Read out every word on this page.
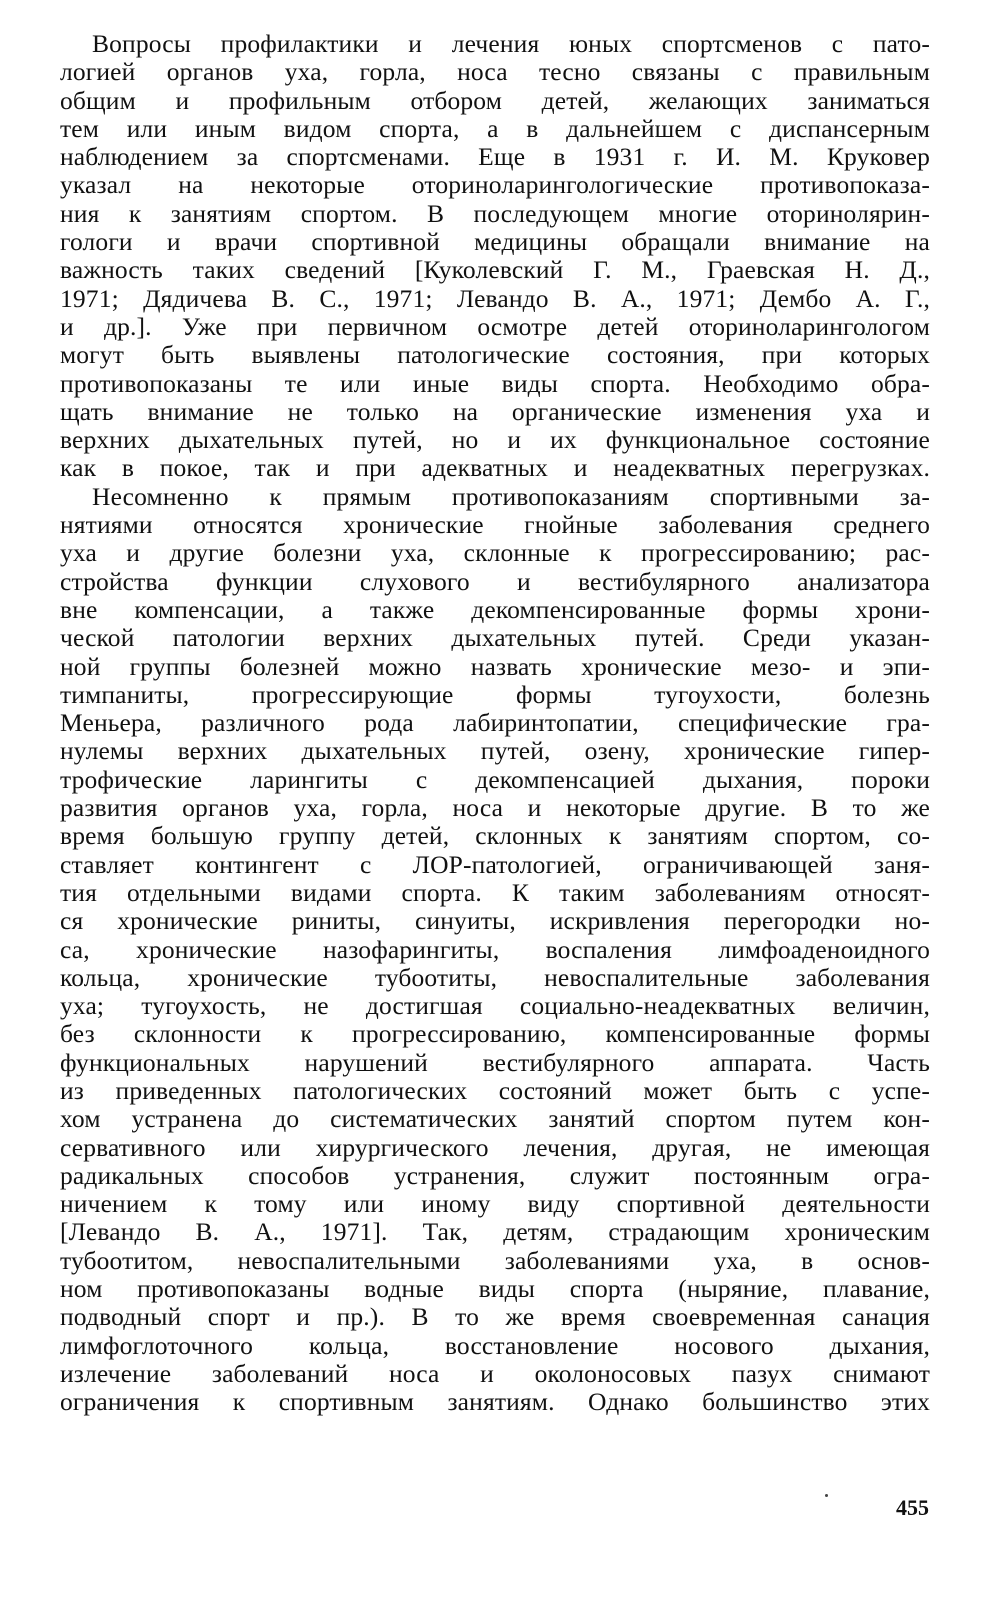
Вопросы профилактики и лечения юных спортсменов с пато-
логией органов уха, горла, носа тесно связаны с правильным
общим и профильным отбором детей, желающих заниматься
тем или иным видом спорта, а в дальнейшем с диспансерным
наблюдением за спортсменами. Еще в 1931 г. И. М. Круковер
указал на некоторые оториноларингологические противопоказа-
ния к занятиям спортом. В последующем многие оторинолярин-
гологи и врачи спортивной медицины обращали внимание на
важность таких сведений [Куколевский Г. М., Граевская Н. Д.,
1971; Дядичева В. С., 1971; Левандо В. А., 1971; Дембо А. Г.,
и др.]. Уже при первичном осмотре детей оториноларингологом
могут быть выявлены патологические состояния, при которых
противопоказаны те или иные виды спорта. Необходимо обра-
щать внимание не только на органические изменения уха и
верхних дыхательных путей, но и их функциональное состояние
как в покое, так и при адекватных и неадекватных перегрузках.
Несомненно к прямым противопоказаниям спортивными за-
нятиями относятся хронические гнойные заболевания среднего
уха и другие болезни уха, склонные к прогрессированию; рас-
стройства функции слухового и вестибулярного анализатора
вне компенсации, а также декомпенсированные формы хрони-
ческой патологии верхних дыхательных путей. Среди указан-
ной группы болезней можно назвать хронические мезо- и эпи-
тимпаниты, прогрессирующие формы тугоухости, болезнь
Меньера, различного рода лабиринтопатии, специфические гра-
нулемы верхних дыхательных путей, озену, хронические гипер-
трофические ларингиты с декомпенсацией дыхания, пороки
развития органов уха, горла, носа и некоторые другие. В то же
время большую группу детей, склонных к занятиям спортом, со-
ставляет контингент с ЛОР-патологией, ограничивающей заня-
тия отдельными видами спорта. К таким заболеваниям относят-
ся хронические риниты, синуиты, искривления перегородки но-
са, хронические назофарингиты, воспаления лимфоаденоидного
кольца, хронические тубоотиты, невоспалительные заболевания
уха; тугоухость, не достигшая социально-неадекватных величин,
без склонности к прогрессированию, компенсированные формы
функциональных нарушений вестибулярного аппарата. Часть
из приведенных патологических состояний может быть с успе-
хом устранена до систематических занятий спортом путем кон-
сервативного или хирургического лечения, другая, не имеющая
радикальных способов устранения, служит постоянным огра-
ничением к тому или иному виду спортивной деятельности
[Левандо В. А., 1971]. Так, детям, страдающим хроническим
тубоотитом, невоспалительными заболеваниями уха, в основ-
ном противопоказаны водные виды спорта (ныряние, плавание,
подводный спорт и пр.). В то же время своевременная санация
лимфоглоточного кольца, восстановление носового дыхания,
излечение заболеваний носа и околоносовых пазух снимают
ограничения к спортивным занятиям. Однако большинство этих
455
